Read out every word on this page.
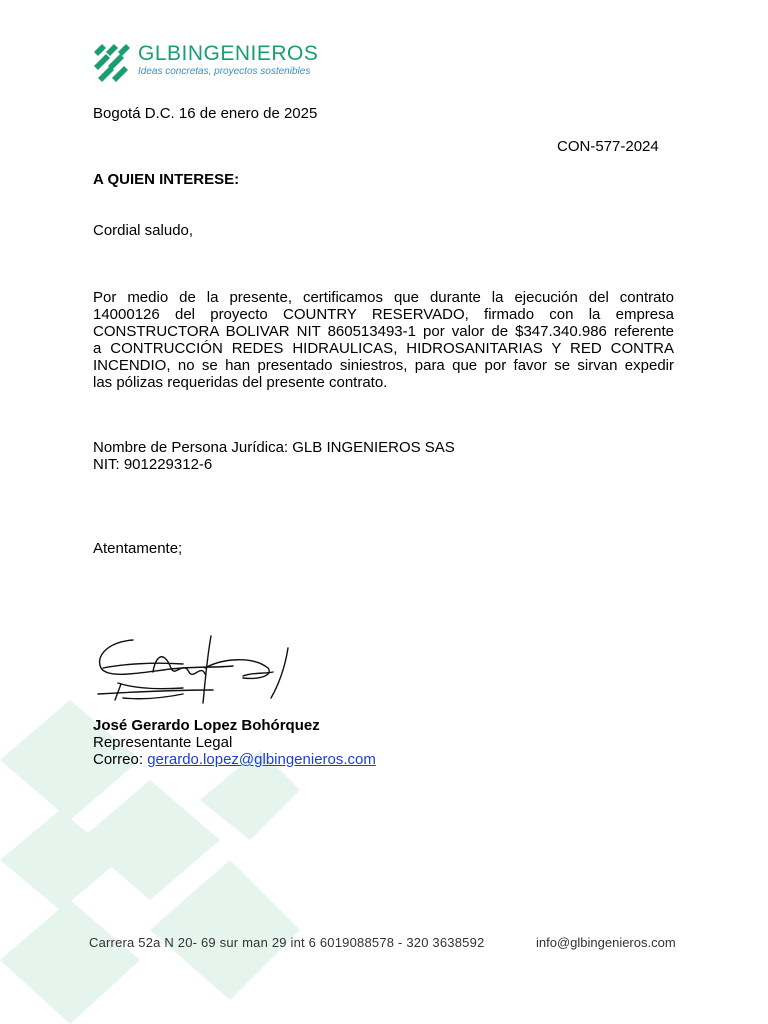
GLBINGENIEROS
Ideas concretas, proyectos sostenibles
Bogotá D.C. 16 de enero de 2025
CON-577-2024
A QUIEN INTERESE:
Cordial saludo,
Por medio de la presente, certificamos que durante la ejecución del contrato
14000126 del proyecto COUNTRY RESERVADO, firmado con la empresa
CONSTRUCTORA BOLIVAR NIT 860513493-1 por valor de $347.340.986 referente
a CONTRUCCIÓN REDES HIDRAULICAS, HIDROSANITARIAS Y RED CONTRA
INCENDIO, no se han presentado siniestros, para que por favor se sirvan expedir
las pólizas requeridas del presente contrato.
Nombre de Persona Jurídica: GLB INGENIEROS SAS
NIT: 901229312-6
Atentamente;
José Gerardo Lopez Bohórquez
Representante Legal
Correo: gerardo.lopez@glbingenieros.com
Carrera 52a N 20- 69 sur man 29 int 6 6019088578 - 320 3638592	info@glbingenieros.com
